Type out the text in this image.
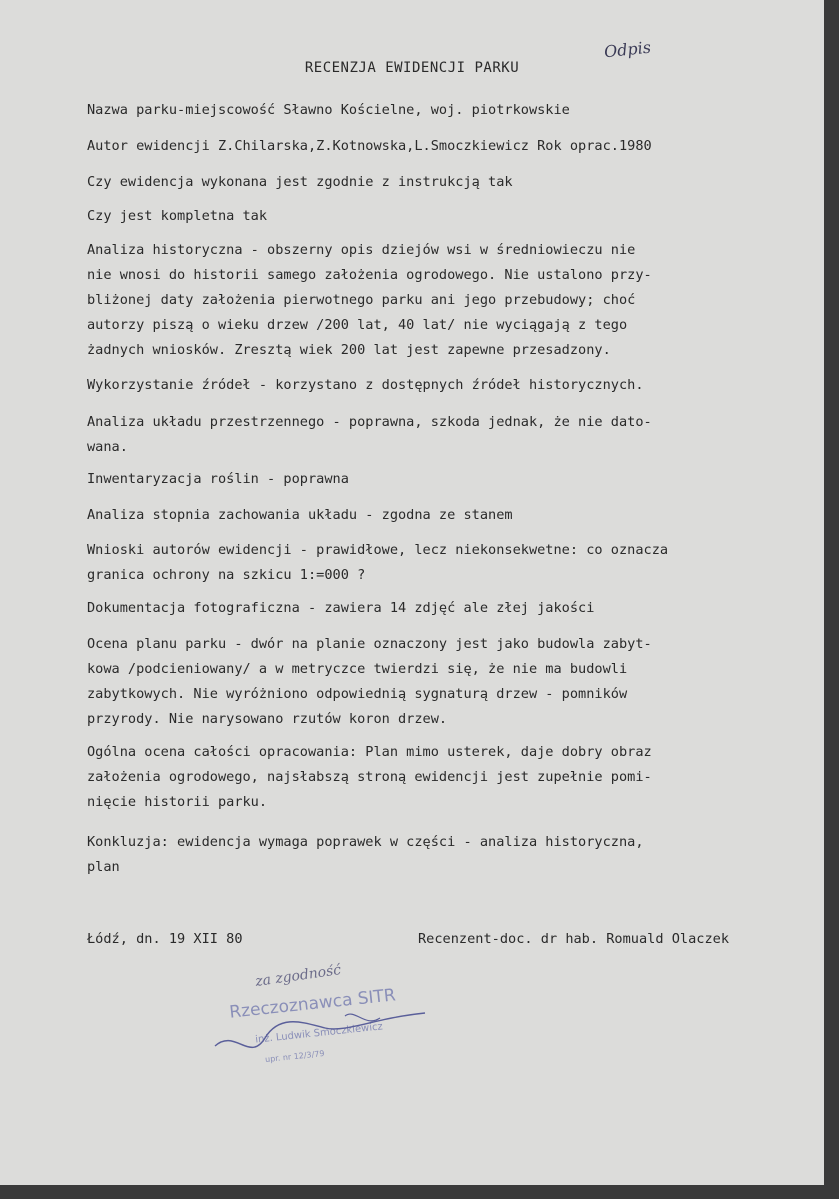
RECENZJA EWIDENCJI PARKU
Odpis

Nazwa parku-miejscowość Sławno Kościelne, woj. piotrkowskie

Autor ewidencji Z.Chilarska,Z.Kotnowska,L.Smoczkiewicz Rok oprac.1980

Czy ewidencja wykonana jest zgodnie z instrukcją tak

Czy jest kompletna tak

Analiza historyczna - obszerny opis dziejów wsi w średniowieczu nie
nie wnosi do historii samego założenia ogrodowego. Nie ustalono przy-
bliżonej daty założenia pierwotnego parku ani jego przebudowy; choć
autorzy piszą o wieku drzew /200 lat, 40 lat/ nie wyciągają z tego
żadnych wniosków. Zresztą wiek 200 lat jest zapewne przesadzony.

Wykorzystanie źródeł - korzystano z dostępnych źródeł historycznych.

Analiza układu przestrzennego - poprawna, szkoda jednak, że nie dato-
wana.

Inwentaryzacja roślin - poprawna

Analiza stopnia zachowania układu - zgodna ze stanem

Wnioski autorów ewidencji - prawidłowe, lecz niekonsekwetne: co oznacza
granica ochrony na szkicu 1:=000 ?

Dokumentacja fotograficzna - zawiera 14 zdjęć ale złej jakości

Ocena planu parku - dwór na planie oznaczony jest jako budowla zabyt-
kowa /podcieniowany/ a w metryczce twierdzi się, że nie ma budowli
zabytkowych. Nie wyróżniono odpowiednią sygnaturą drzew - pomników
przyrody. Nie narysowano rzutów koron drzew.

Ogólna ocena całości opracowania: Plan mimo usterek, daje dobry obraz
założenia ogrodowego, najsłabszą stroną ewidencji jest zupełnie pomi-
nięcie historii parku.

Konkluzja: ewidencja wymaga poprawek w części - analiza historyczna,
plan

Łódź, dn. 19 XII 80	Recenzent-doc. dr hab. Romuald Olaczek

za zgodność
Rzeczoznawca SITR
inż. Ludwik Smoczkiewicz
upr. nr 12/3/79
